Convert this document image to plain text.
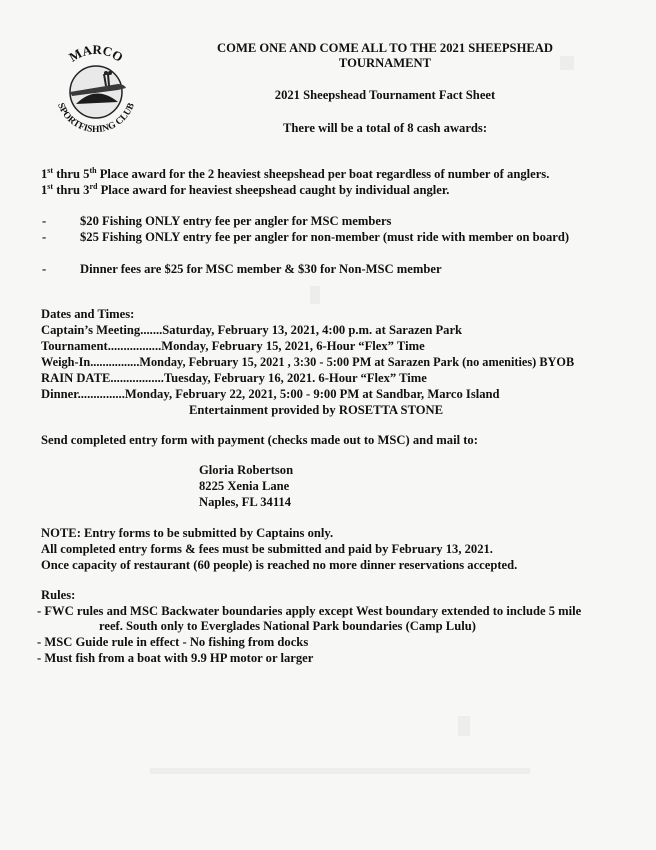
MARCO
SPORTFISHING CLUB
COME ONE AND COME ALL TO THE 2021 SHEEPSHEAD
TOURNAMENT
2021 Sheepshead Tournament Fact Sheet
There will be a total of 8 cash awards:
1st thru 5th Place award for the 2 heaviest sheepshead per boat regardless of number of anglers.
1st thru 3rd Place award for heaviest sheepshead caught by individual angler.
-	$20 Fishing ONLY entry fee per angler for MSC members
-	$25 Fishing ONLY entry fee per angler for non-member (must ride with member on board)
-	Dinner fees are $25 for MSC member & $30 for Non-MSC member
Dates and Times:
Captain’s Meeting.......Saturday, February 13, 2021, 4:00 p.m. at Sarazen Park
Tournament.................Monday, February 15, 2021, 6-Hour “Flex” Time
Weigh-In................Monday, February 15, 2021 , 3:30 - 5:00 PM at Sarazen Park (no amenities) BYOB
RAIN DATE.................Tuesday, February 16, 2021. 6-Hour “Flex” Time
Dinner...............Monday, February 22, 2021, 5:00 - 9:00 PM at Sandbar, Marco Island
Entertainment provided by ROSETTA STONE
Send completed entry form with payment (checks made out to MSC) and mail to:
Gloria Robertson
8225 Xenia Lane
Naples, FL 34114
NOTE: Entry forms to be submitted by Captains only.
All completed entry forms & fees must be submitted and paid by February 13, 2021.
Once capacity of restaurant (60 people) is reached no more dinner reservations accepted.
Rules:
- FWC rules and MSC Backwater boundaries apply except West boundary extended to include 5 mile
reef. South only to Everglades National Park boundaries (Camp Lulu)
- MSC Guide rule in effect - No fishing from docks
- Must fish from a boat with 9.9 HP motor or larger
